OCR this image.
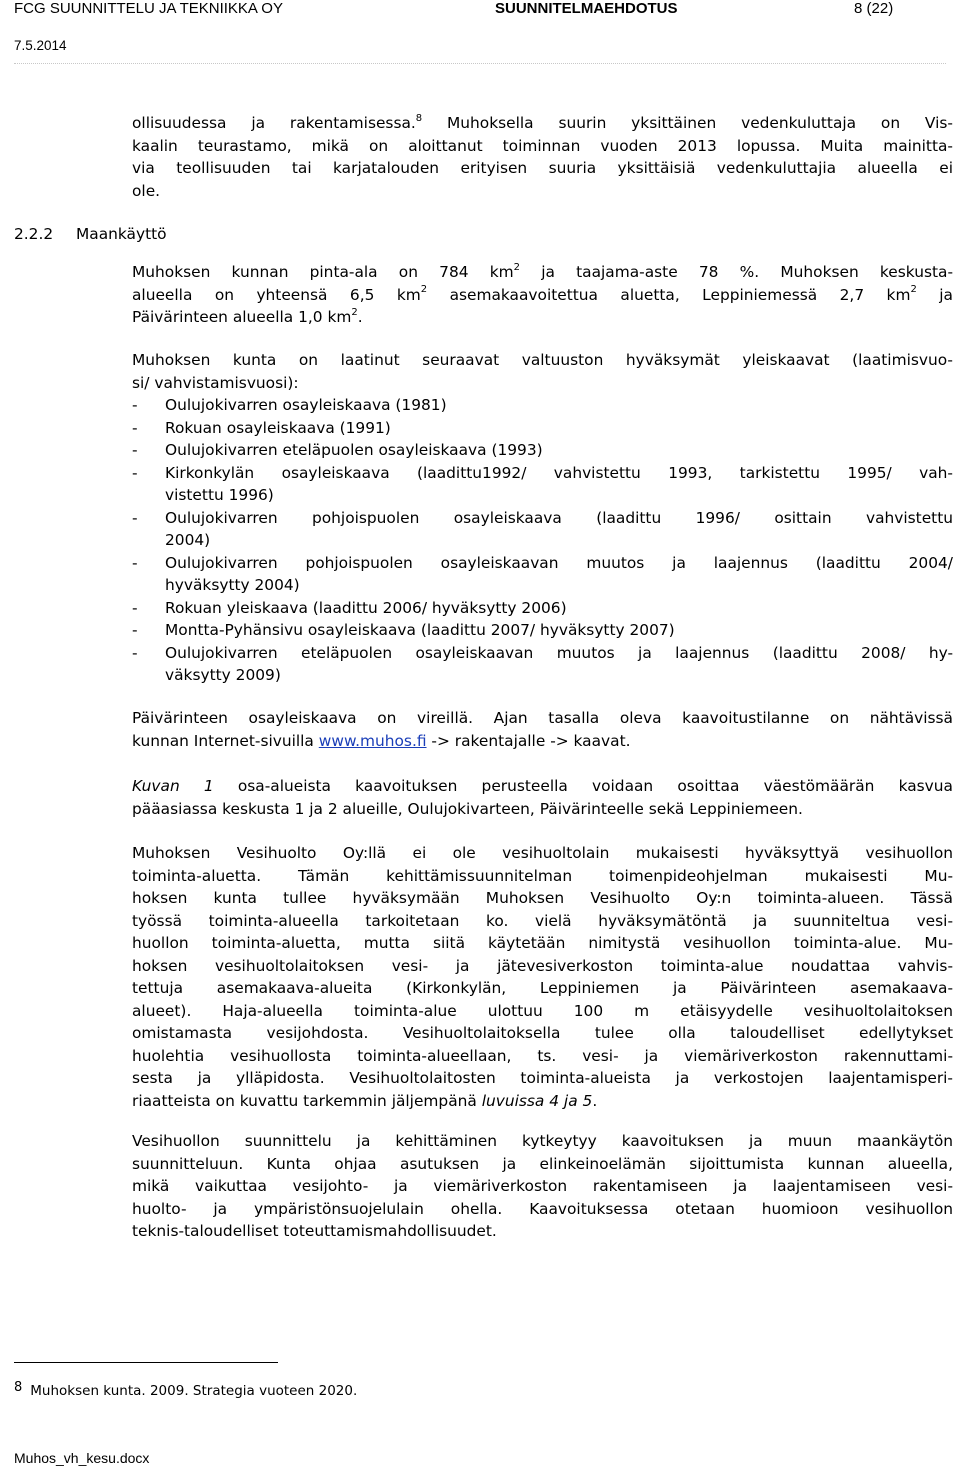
FCG SUUNNITTELU JA TEKNIIKKA OY	SUUNNITELMAEHDOTUS	8 (22)
7.5.2014
ollisuudessa ja rakentamisessa.$^8$ Muhoksella suurin yksittäinen vedenkuluttaja on Vis-
kaalin teurastamo, mikä on aloittanut toiminnan vuoden 2013 lopussa. Muita mainitta-
via teollisuuden tai karjatalouden erityisen suuria yksittäisiä vedenkuluttajia alueella ei
ole.
2.2.2 Maankäyttö
Muhoksen kunnan pinta-ala on 784 $km^2$ ja taajama-aste 78 %. Muhoksen keskusta-
alueella on yhteensä 6,5 $km^2$ asemakaavoitettua aluetta, Leppiniemessä 2,7 $km^2$ ja
Päivärinteen alueella 1,0 $km^2$.
Muhoksen kunta on laatinut seuraavat valtuuston hyväksymät yleiskaavat (laatimisvuo-
si/ vahvistamisvuosi):
- Oulujokivarren osayleiskaava (1981)
- Rokuan osayleiskaava (1991)
- Oulujokivarren eteläpuolen osayleiskaava (1993)
- Kirkonkylän osayleiskaava (laadittu1992/ vahvistettu 1993, tarkistettu 1995/ vah-
vistettu 1996)
- Oulujokivarren pohjoispuolen osayleiskaava (laadittu 1996/ osittain vahvistettu
2004)
- Oulujokivarren pohjoispuolen osayleiskaavan muutos ja laajennus (laadittu 2004/
hyväksytty 2004)
- Rokuan yleiskaava (laadittu 2006/ hyväksytty 2006)
- Montta-Pyhänsivu osayleiskaava (laadittu 2007/ hyväksytty 2007)
- Oulujokivarren eteläpuolen osayleiskaavan muutos ja laajennus (laadittu 2008/ hy-
väksytty 2009)
Päivärinteen osayleiskaava on vireillä. Ajan tasalla oleva kaavoitustilanne on nähtävissä
kunnan Internet-sivuilla www.muhos.fi -> rakentajalle -> kaavat.
Kuvan 1 osa-alueista kaavoituksen perusteella voidaan osoittaa väestömäärän kasvua
pääasiassa keskusta 1 ja 2 alueille, Oulujokivarteen, Päivärinteelle sekä Leppiniemeen.
Muhoksen Vesihuolto Oy:llä ei ole vesihuoltolain mukaisesti hyväksyttyä vesihuollon
toiminta-aluetta. Tämän kehittämissuunnitelman toimenpideohjelman mukaisesti Mu-
hoksen kunta tullee hyväksymään Muhoksen Vesihuolto Oy:n toiminta-alueen. Tässä
työssä toiminta-alueella tarkoitetaan ko. vielä hyväksymätöntä ja suunniteltua vesi-
huollon toiminta-aluetta, mutta siitä käytetään nimitystä vesihuollon toiminta-alue. Mu-
hoksen vesihuoltolaitoksen vesi- ja jätevesiverkoston toiminta-alue noudattaa vahvis-
tettuja asemakaava-alueita (Kirkonkylän, Leppiniemen ja Päivärinteen asemakaava-
alueet). Haja-alueella toiminta-alue ulottuu 100 m etäisyydelle vesihuoltolaitoksen
omistamasta vesijohdosta. Vesihuoltolaitoksella tulee olla taloudelliset edellytykset
huolehtia vesihuollosta toiminta-alueellaan, ts. vesi- ja viemäriverkoston rakennuttami-
sesta ja ylläpidosta. Vesihuoltolaitosten toiminta-alueista ja verkostojen laajentamisperi-
riaatteista on kuvattu tarkemmin jäljempänä luvuissa 4 ja 5.
Vesihuollon suunnittelu ja kehittäminen kytkeytyy kaavoituksen ja muun maankäytön
suunnitteluun. Kunta ohjaa asutuksen ja elinkeinoelämän sijoittumista kunnan alueella,
mikä vaikuttaa vesijohto- ja viemäriverkoston rakentamiseen ja laajentamiseen vesi-
huolto- ja ympäristönsuojelulain ohella. Kaavoituksessa otetaan huomioon vesihuollon
teknis-taloudelliset toteuttamismahdollisuudet.
8 Muhoksen kunta. 2009. Strategia vuoteen 2020.
Muhos_vh_kesu.docx
